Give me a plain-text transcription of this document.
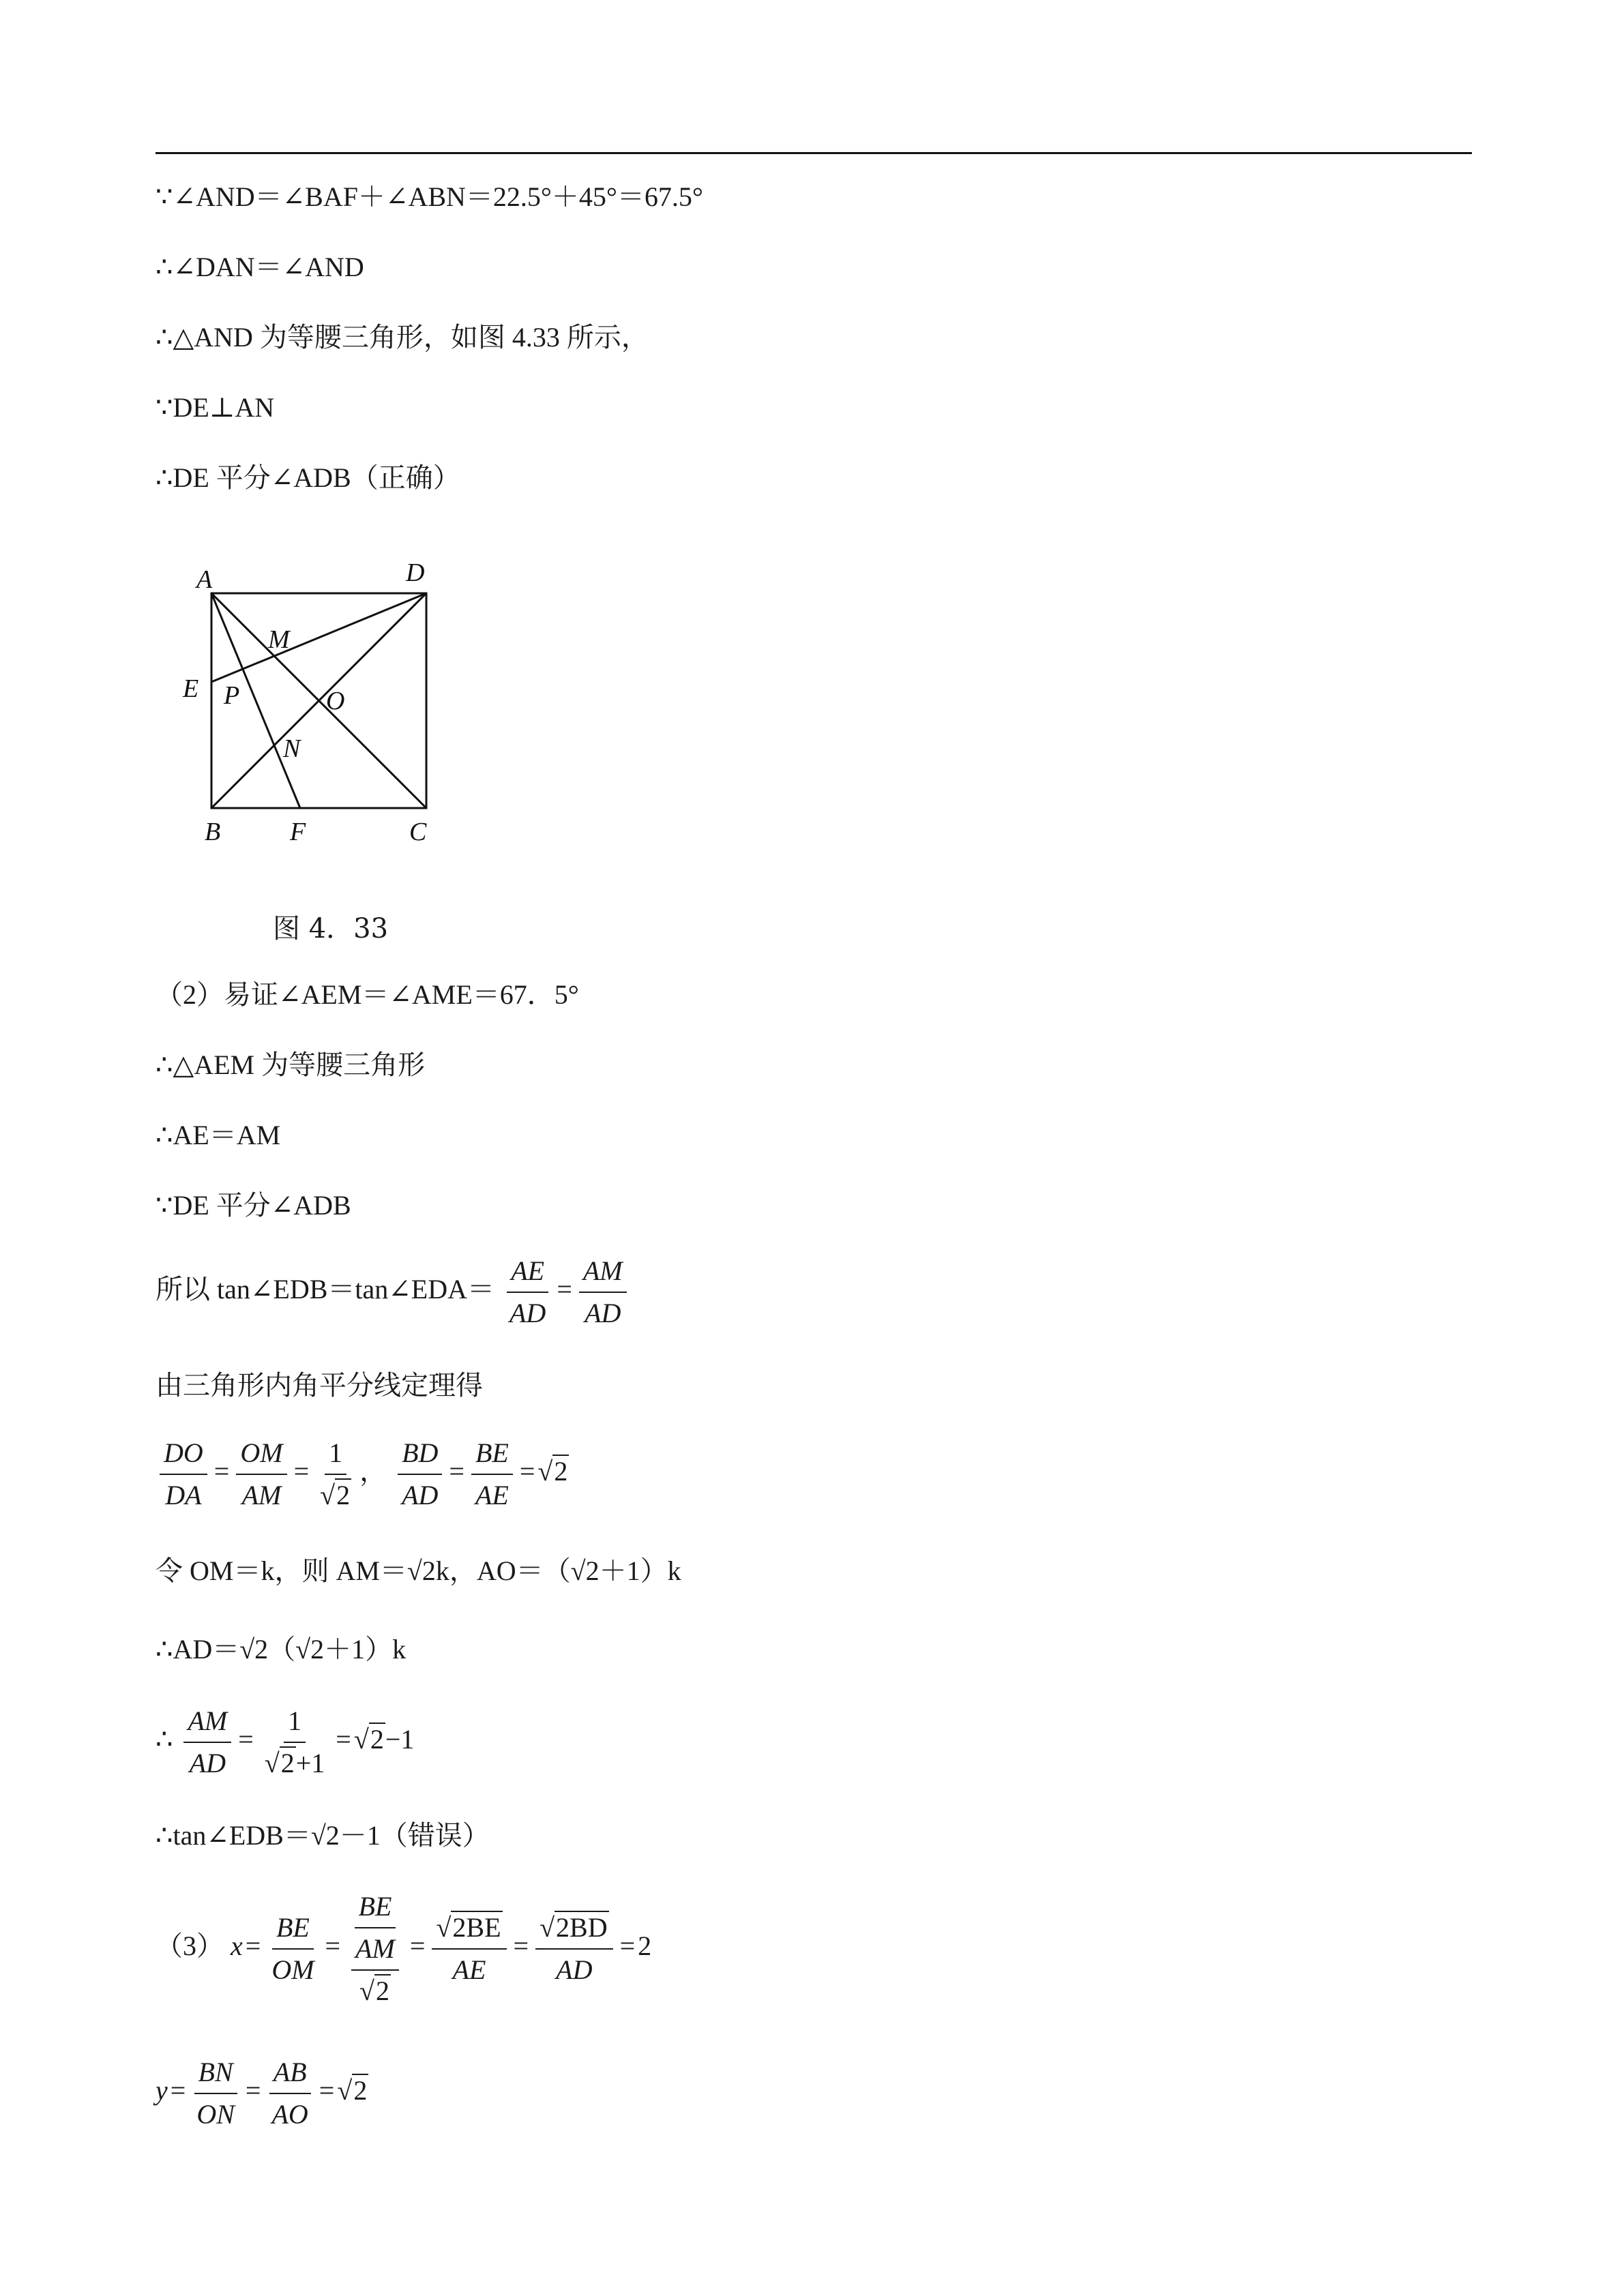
∵∠AND＝∠BAF＋∠ABN＝22.5°＋45°＝67.5°
∴∠DAN＝∠AND
∴△AND 为等腰三角形，如图 4.33 所示，
∵DE⊥AN
∴DE 平分∠ADB（正确）
A	D
M
E P	O
N
B	F	C
图 4．33
（2）易证∠AEM＝∠AME＝67．5°
∴△AEM 为等腰三角形
∴AE＝AM
∵DE 平分∠ADB
所以 tan∠EDB＝tan∠EDA＝ $\frac{AE}{AD} = \frac{AM}{AD}$
由三角形内角平分线定理得
$\frac{DO}{DA} = \frac{OM}{AM} = \frac{1}{√2}$ ， $\frac{BD}{AD} = \frac{BE}{AE} = √2$
令 OM＝k，则 AM＝√2k，AO＝（√2＋1）k
∴AD＝√2（√2＋1）k
∴ $\frac{AM}{AD} = \frac{1}{√2+1} = √2-1$
∴tan∠EDB＝√2－1（错误）
（3） $x = \frac{BE}{OM} = \frac{BE}{\frac{AM}{√2}} = \frac{√2BE}{AE} = \frac{√2BD}{AD} = 2$
$y = \frac{BN}{ON} = \frac{AB}{AO} = √2$
